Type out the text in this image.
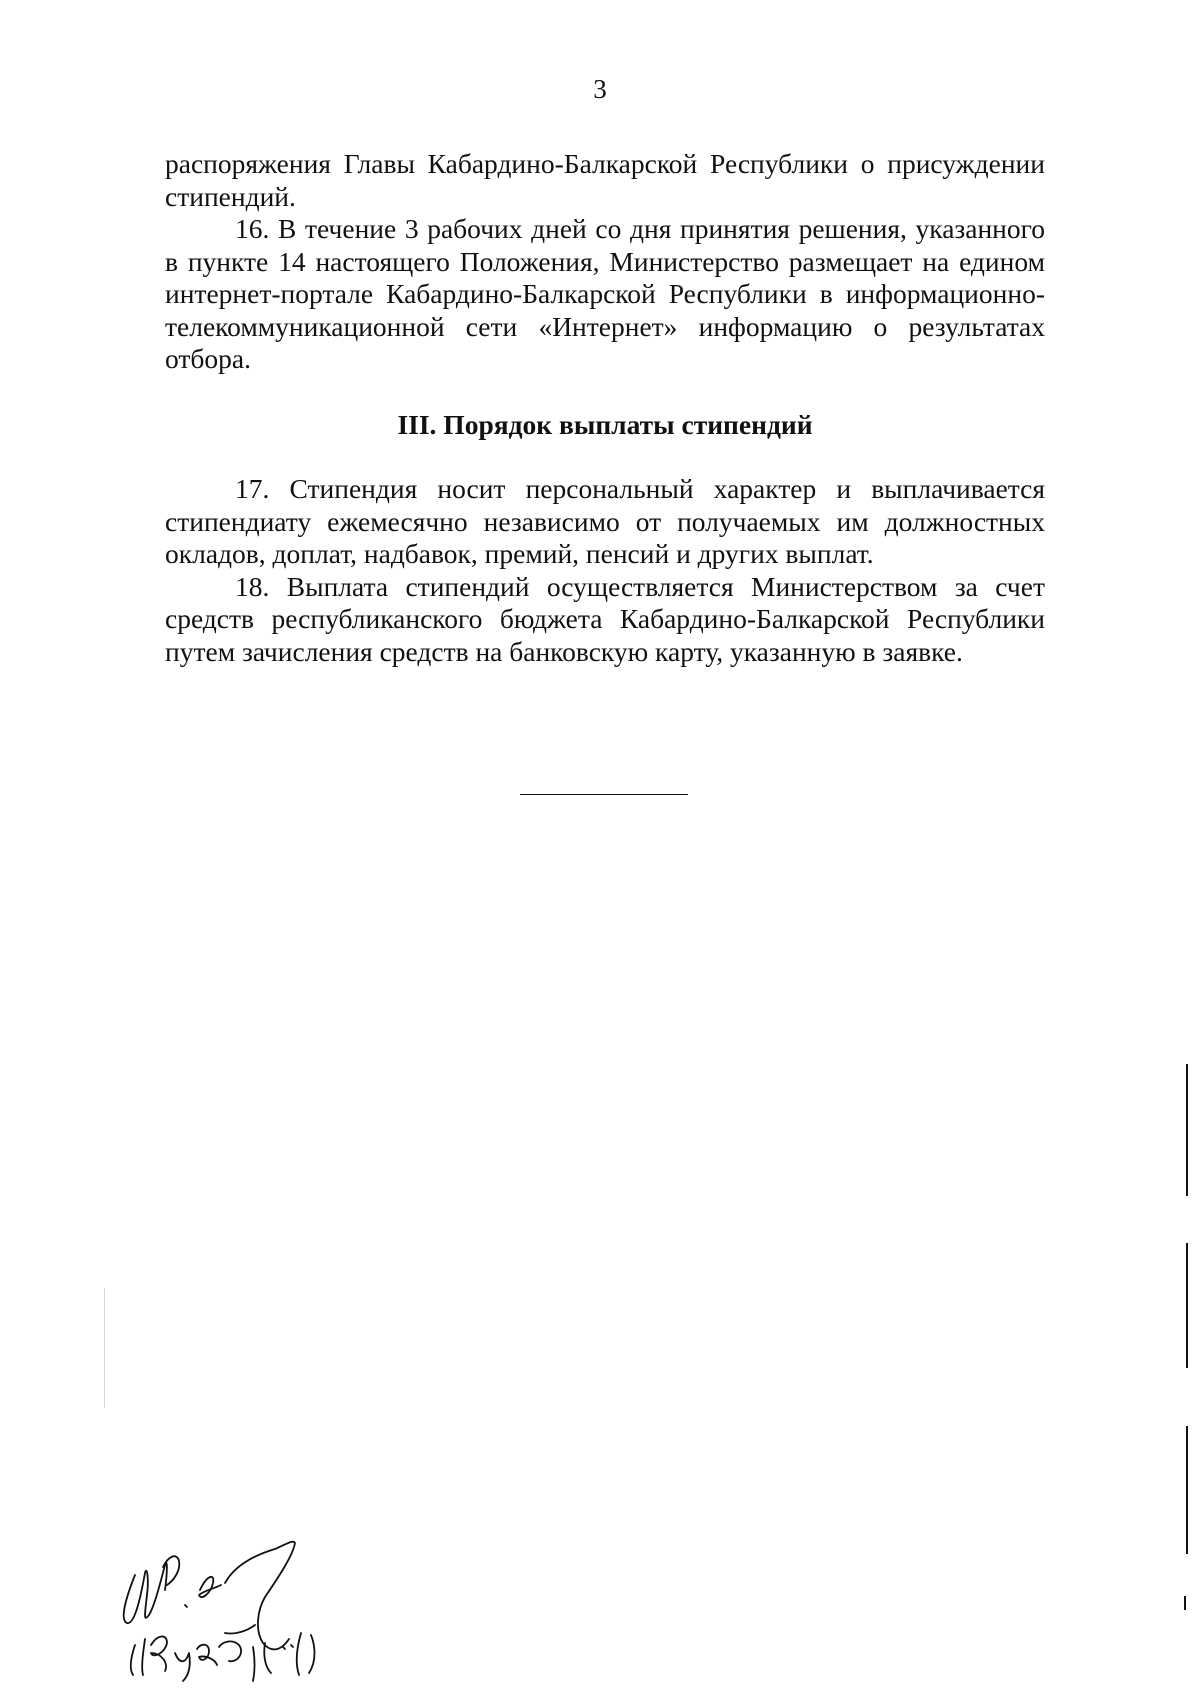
3

распоряжения Главы Кабардино-Балкарской Республики о присуждении стипендий.

16. В течение 3 рабочих дней со дня принятия решения, указанного в пункте 14 настоящего Положения, Министерство размещает на едином интернет-портале Кабардино-Балкарской Республики в информационно-телекоммуникационной сети «Интернет» информацию о результатах отбора.

III. Порядок выплаты стипендий

17. Стипендия носит персональный характер и выплачивается стипендиату ежемесячно независимо от получаемых им должностных окладов, доплат, надбавок, премий, пенсий и других выплат.

18. Выплата стипендий осуществляется Министерством за счет средств республиканского бюджета Кабардино-Балкарской Республики путем зачисления средств на банковскую карту, указанную в заявке.
